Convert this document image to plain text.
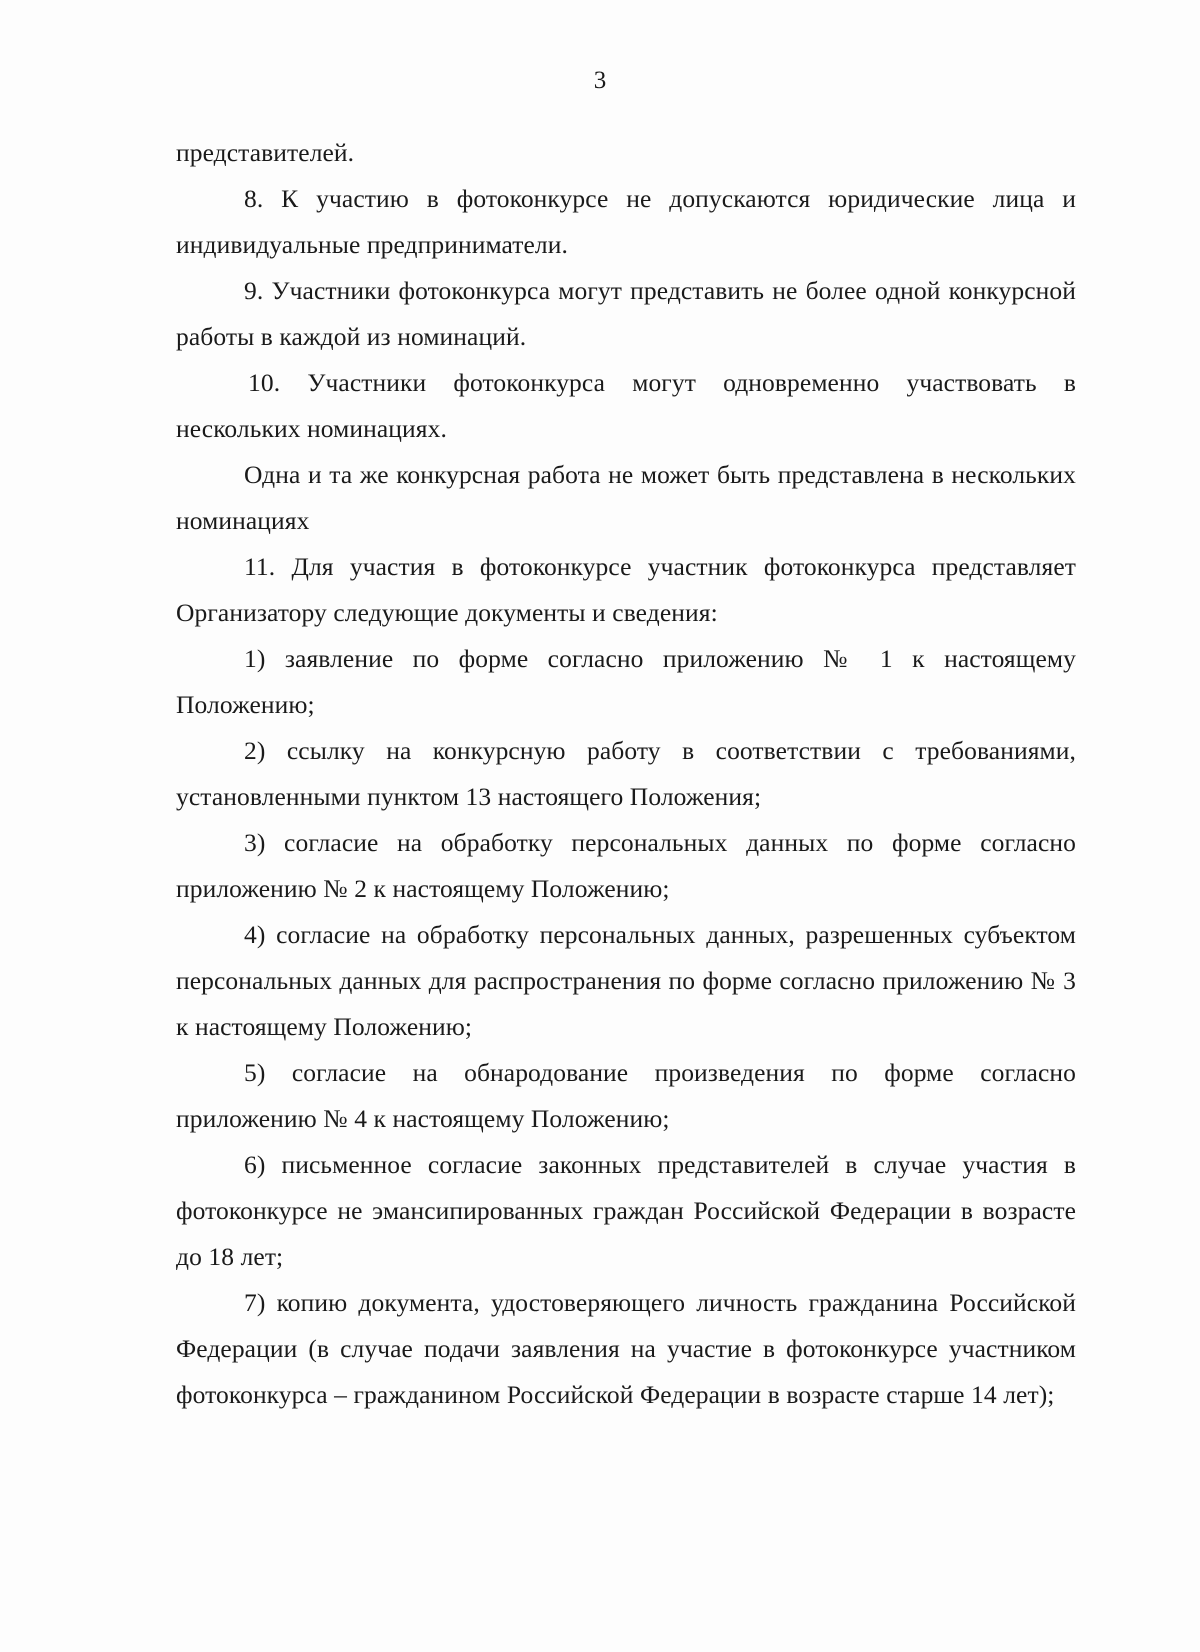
3

представителей.

8. К участию в фотоконкурсе не допускаются юридические лица и индивидуальные предприниматели.

9. Участники фотоконкурса могут представить не более одной конкурсной работы в каждой из номинаций.

10. Участники фотоконкурса могут одновременно участвовать в нескольких номинациях.

Одна и та же конкурсная работа не может быть представлена в нескольких номинациях

11. Для участия в фотоконкурсе участник фотоконкурса представляет Организатору следующие документы и сведения:

1) заявление по форме согласно приложению № 1 к настоящему Положению;

2) ссылку на конкурсную работу в соответствии с требованиями, установленными пунктом 13 настоящего Положения;

3) согласие на обработку персональных данных по форме согласно приложению № 2 к настоящему Положению;

4) согласие на обработку персональных данных, разрешенных субъектом персональных данных для распространения по форме согласно приложению № 3 к настоящему Положению;

5) согласие на обнародование произведения по форме согласно приложению № 4 к настоящему Положению;

6) письменное согласие законных представителей в случае участия в фотоконкурсе не эмансипированных граждан Российской Федерации в возрасте до 18 лет;

7) копию документа, удостоверяющего личность гражданина Российской Федерации (в случае подачи заявления на участие в фотоконкурсе участником фотоконкурса – гражданином Российской Федерации в возрасте старше 14 лет);
